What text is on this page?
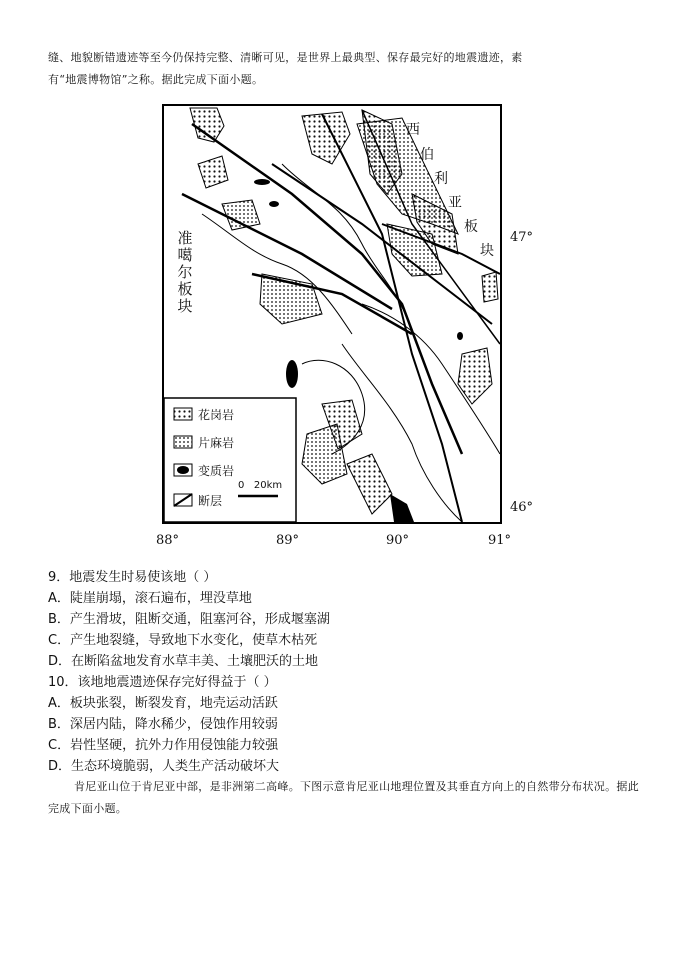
缝、地貌断错遗迹等至今仍保持完整、清晰可见，是世界上最典型、保存最完好的地震遗迹，素
有“地震博物馆”之称。据此完成下面小题。
西
伯
利
亚
板
块
准
噶
尔
板
块
花岗岩
片麻岩
变质岩
断层
0   20km
47°
46°
88°	89°	90°	91°
9．地震发生时易使该地（ ）
A．陡崖崩塌，滚石遍布，埋没草地
B．产生滑坡，阻断交通，阻塞河谷，形成堰塞湖
C．产生地裂缝，导致地下水变化，使草木枯死
D．在断陷盆地发育水草丰美、土壤肥沃的土地
10．该地地震遗迹保存完好得益于（ ）
A．板块张裂，断裂发育，地壳运动活跃
B．深居内陆，降水稀少，侵蚀作用较弱
C．岩性坚硬，抗外力作用侵蚀能力较强
D．生态环境脆弱，人类生产活动破坏大
肯尼亚山位于肯尼亚中部，是非洲第二高峰。下图示意肯尼亚山地理位置及其垂直方向上的自然带分布状况。据此完成下面小题。
